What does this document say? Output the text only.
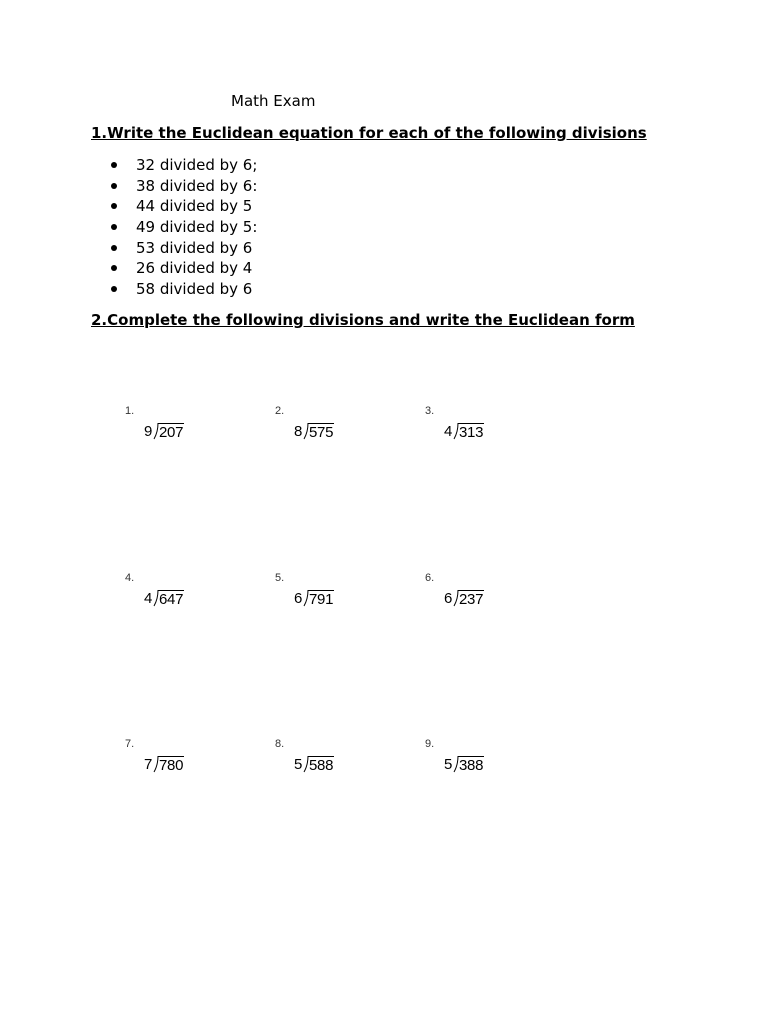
Math Exam
1.Write the Euclidean equation for each of the following divisions
32 divided by 6;
38 divided by 6:
44 divided by 5
49 divided by 5:
53 divided by 6
26 divided by 4
58 divided by 6
2.Complete the following divisions and write the Euclidean form
1.
9 207
2.
8 575
3.
4 313
4.
4 647
5.
6 791
6.
6 237
7.
7 780
8.
5 588
9.
5 388
